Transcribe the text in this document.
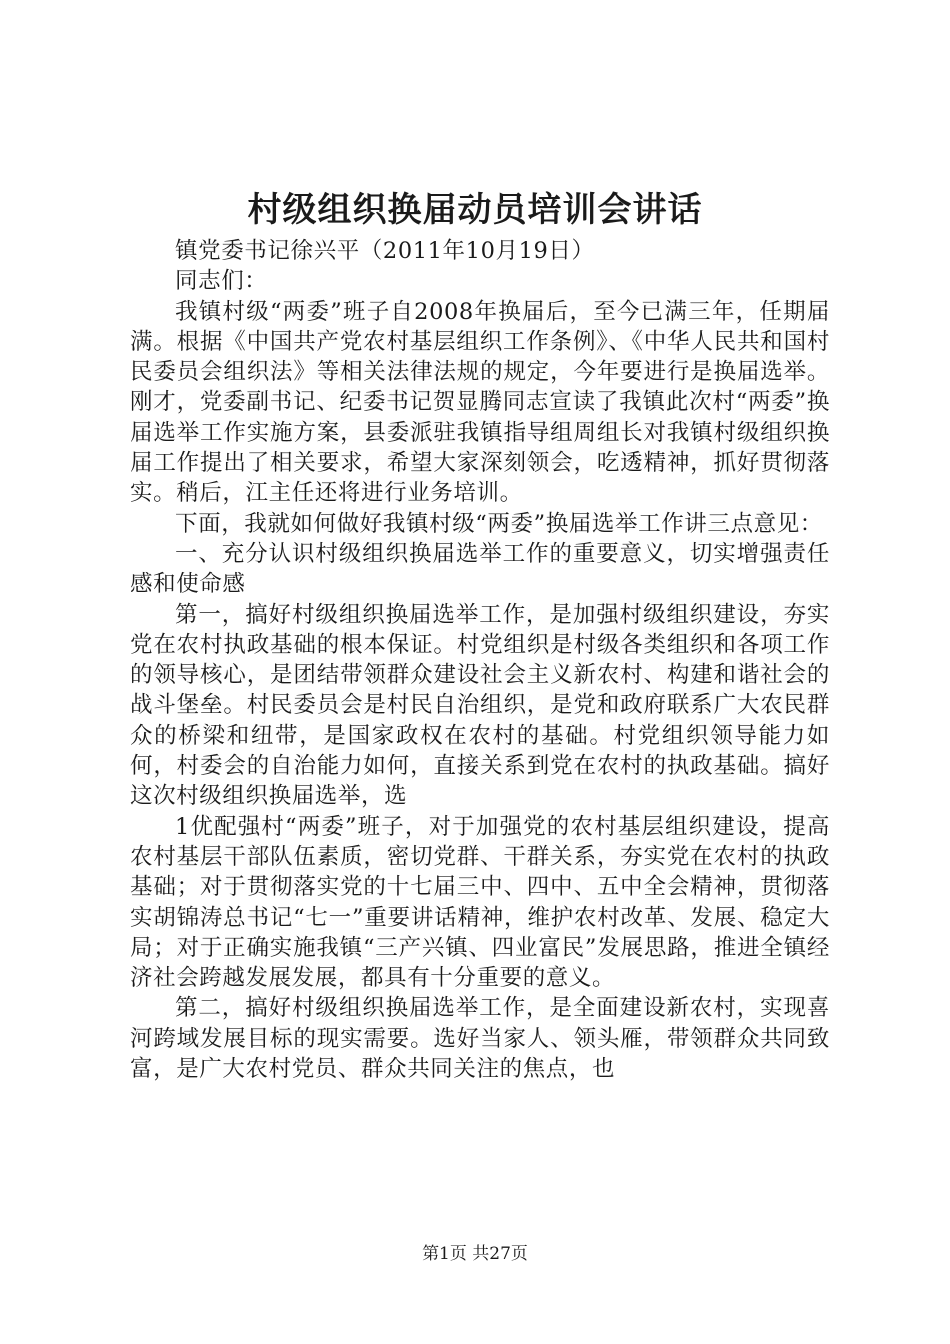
村级组织换届动员培训会讲话

镇党委书记徐兴平（2011年10月19日）

同志们：

我镇村级“两委”班子自2008年换届后，至今已满三年，任期届满。根据《中国共产党农村基层组织工作条例》、《中华人民共和国村民委员会组织法》等相关法律法规的规定，今年要进行是换届选举。刚才，党委副书记、纪委书记贺显腾同志宣读了我镇此次村“两委”换届选举工作实施方案，县委派驻我镇指导组周组长对我镇村级组织换届工作提出了相关要求，希望大家深刻领会，吃透精神，抓好贯彻落实。稍后，江主任还将进行业务培训。

下面，我就如何做好我镇村级“两委”换届选举工作讲三点意见：

一、充分认识村级组织换届选举工作的重要意义，切实增强责任感和使命感

第一，搞好村级组织换届选举工作，是加强村级组织建设，夯实党在农村执政基础的根本保证。村党组织是村级各类组织和各项工作的领导核心，是团结带领群众建设社会主义新农村、构建和谐社会的战斗堡垒。村民委员会是村民自治组织，是党和政府联系广大农民群众的桥梁和纽带，是国家政权在农村的基础。村党组织领导能力如何，村委会的自治能力如何，直接关系到党在农村的执政基础。搞好这次村级组织换届选举，选

1优配强村“两委”班子，对于加强党的农村基层组织建设，提高农村基层干部队伍素质，密切党群、干群关系，夯实党在农村的执政基础；对于贯彻落实党的十七届三中、四中、五中全会精神，贯彻落实胡锦涛总书记“七一”重要讲话精神，维护农村改革、发展、稳定大局；对于正确实施我镇“三产兴镇、四业富民”发展思路，推进全镇经济社会跨越发展发展，都具有十分重要的意义。

第二，搞好村级组织换届选举工作，是全面建设新农村，实现喜河跨域发展目标的现实需要。选好当家人、领头雁，带领群众共同致富，是广大农村党员、群众共同关注的焦点，也

第1页 共27页
